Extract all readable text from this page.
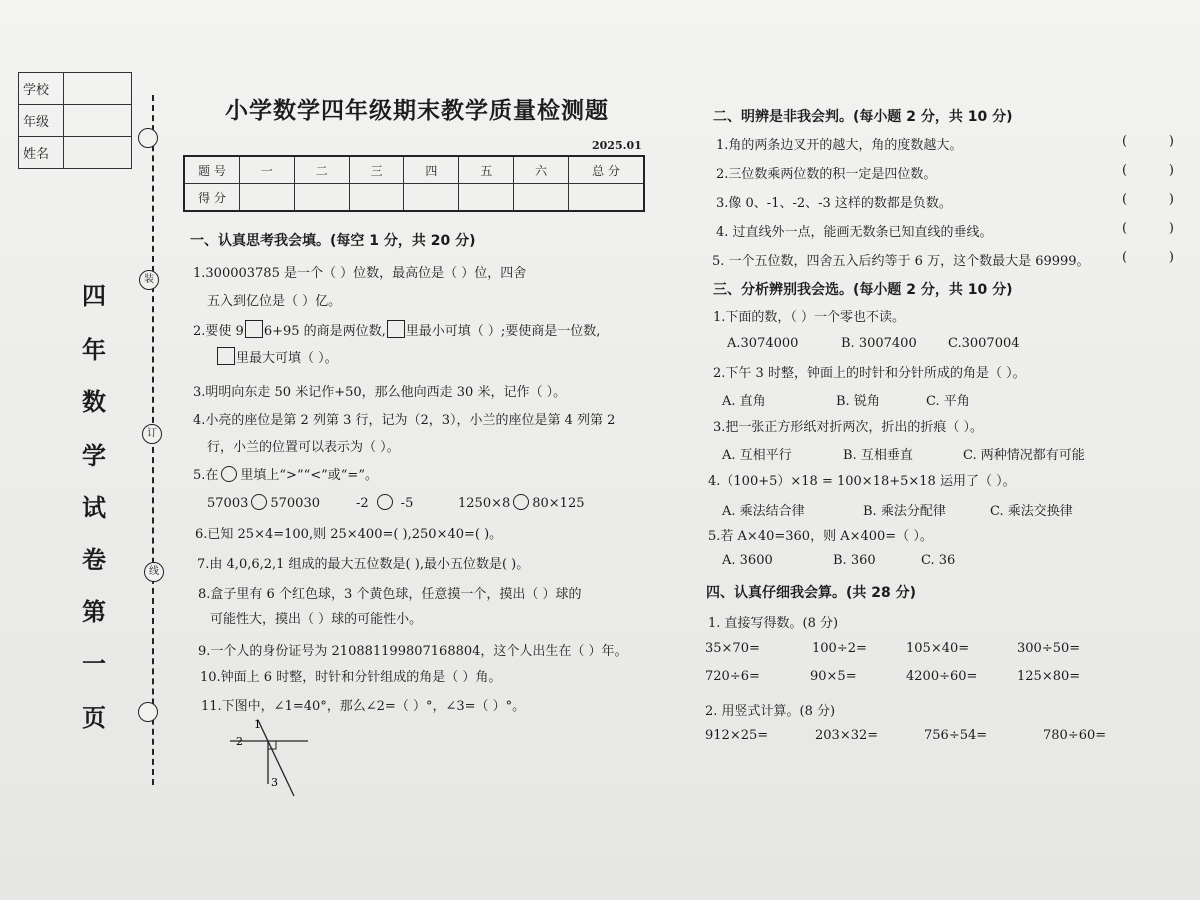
学校	
年级	
姓名	
装
订
线
四
年
数
学
试
卷
第
一
页
小学数学四年级期末教学质量检测题
2025.01
题 号	一	二	三	四	五	六	总 分
得 分							
一、认真思考我会填。(每空 1 分，共 20 分)
1.300003785 是一个（ ）位数，最高位是（ ）位，四舍
五入到亿位是（ ）亿。
2.要使 9 6+95 的商是两位数, 里最小可填（ ）;要使商是一位数,
里最大可填（ ）。
3.明明向东走 50 米记作+50，那么他向西走 30 米，记作（ ）。
4.小亮的座位是第 2 列第 3 行，记为（2，3），小兰的座位是第 4 列第 2
行，小兰的位置可以表示为（ ）。
5.在 里填上“>”“<”或“=”。
57003 570030	-2 -5	1250×8 80×125
6.已知 25×4=100,则 25×400=( ),250×40=( )。
7.由 4,0,6,2,1 组成的最大五位数是( ),最小五位数是( )。
8.盒子里有 6 个红色球，3 个黄色球，任意摸一个，摸出（ ）球的
可能性大，摸出（ ）球的可能性小。
9.一个人的身份证号为 210881199807168804，这个人出生在（ ）年。
10.钟面上 6 时整，时针和分针组成的角是（ ）角。
11.下图中，∠1=40°，那么∠2=（ ）°，∠3=（ ）°。
1
2
3
二、明辨是非我会判。(每小题 2 分，共 10 分)
1.角的两条边叉开的越大，角的度数越大。
2.三位数乘两位数的积一定是四位数。
3.像 0、-1、-2、-3 这样的数都是负数。
4. 过直线外一点，能画无数条已知直线的垂线。
5. 一个五位数，四舍五入后约等于 6 万，这个数最大是 69999。
(	)
(	)
(	)
(	)
(	)
三、分析辨别我会选。(每小题 2 分，共 10 分)
1.下面的数，（ ）一个零也不读。
A.3074000	B. 3007400 C.3007004
2.下午 3 时整，钟面上的时针和分针所成的角是（ ）。
A. 直角	B. 锐角	C. 平角
3.把一张正方形纸对折两次，折出的折痕（ ）。
A. 互相平行	B. 互相垂直	C. 两种情况都有可能
4.（100+5）×18 = 100×18+5×18 运用了（ ）。
A. 乘法结合律	B. 乘法分配律	C. 乘法交换律
5.若 A×40=360，则 A×400=（ ）。
A. 3600	B. 360	C. 36
四、认真仔细我会算。(共 28 分)
1. 直接写得数。(8 分)
35×70=	100÷2=	105×40=	300÷50=
720÷6=	90×5=	4200÷60=	125×80=
2. 用竖式计算。(8 分)
912×25=	203×32=	756÷54=	780÷60=
